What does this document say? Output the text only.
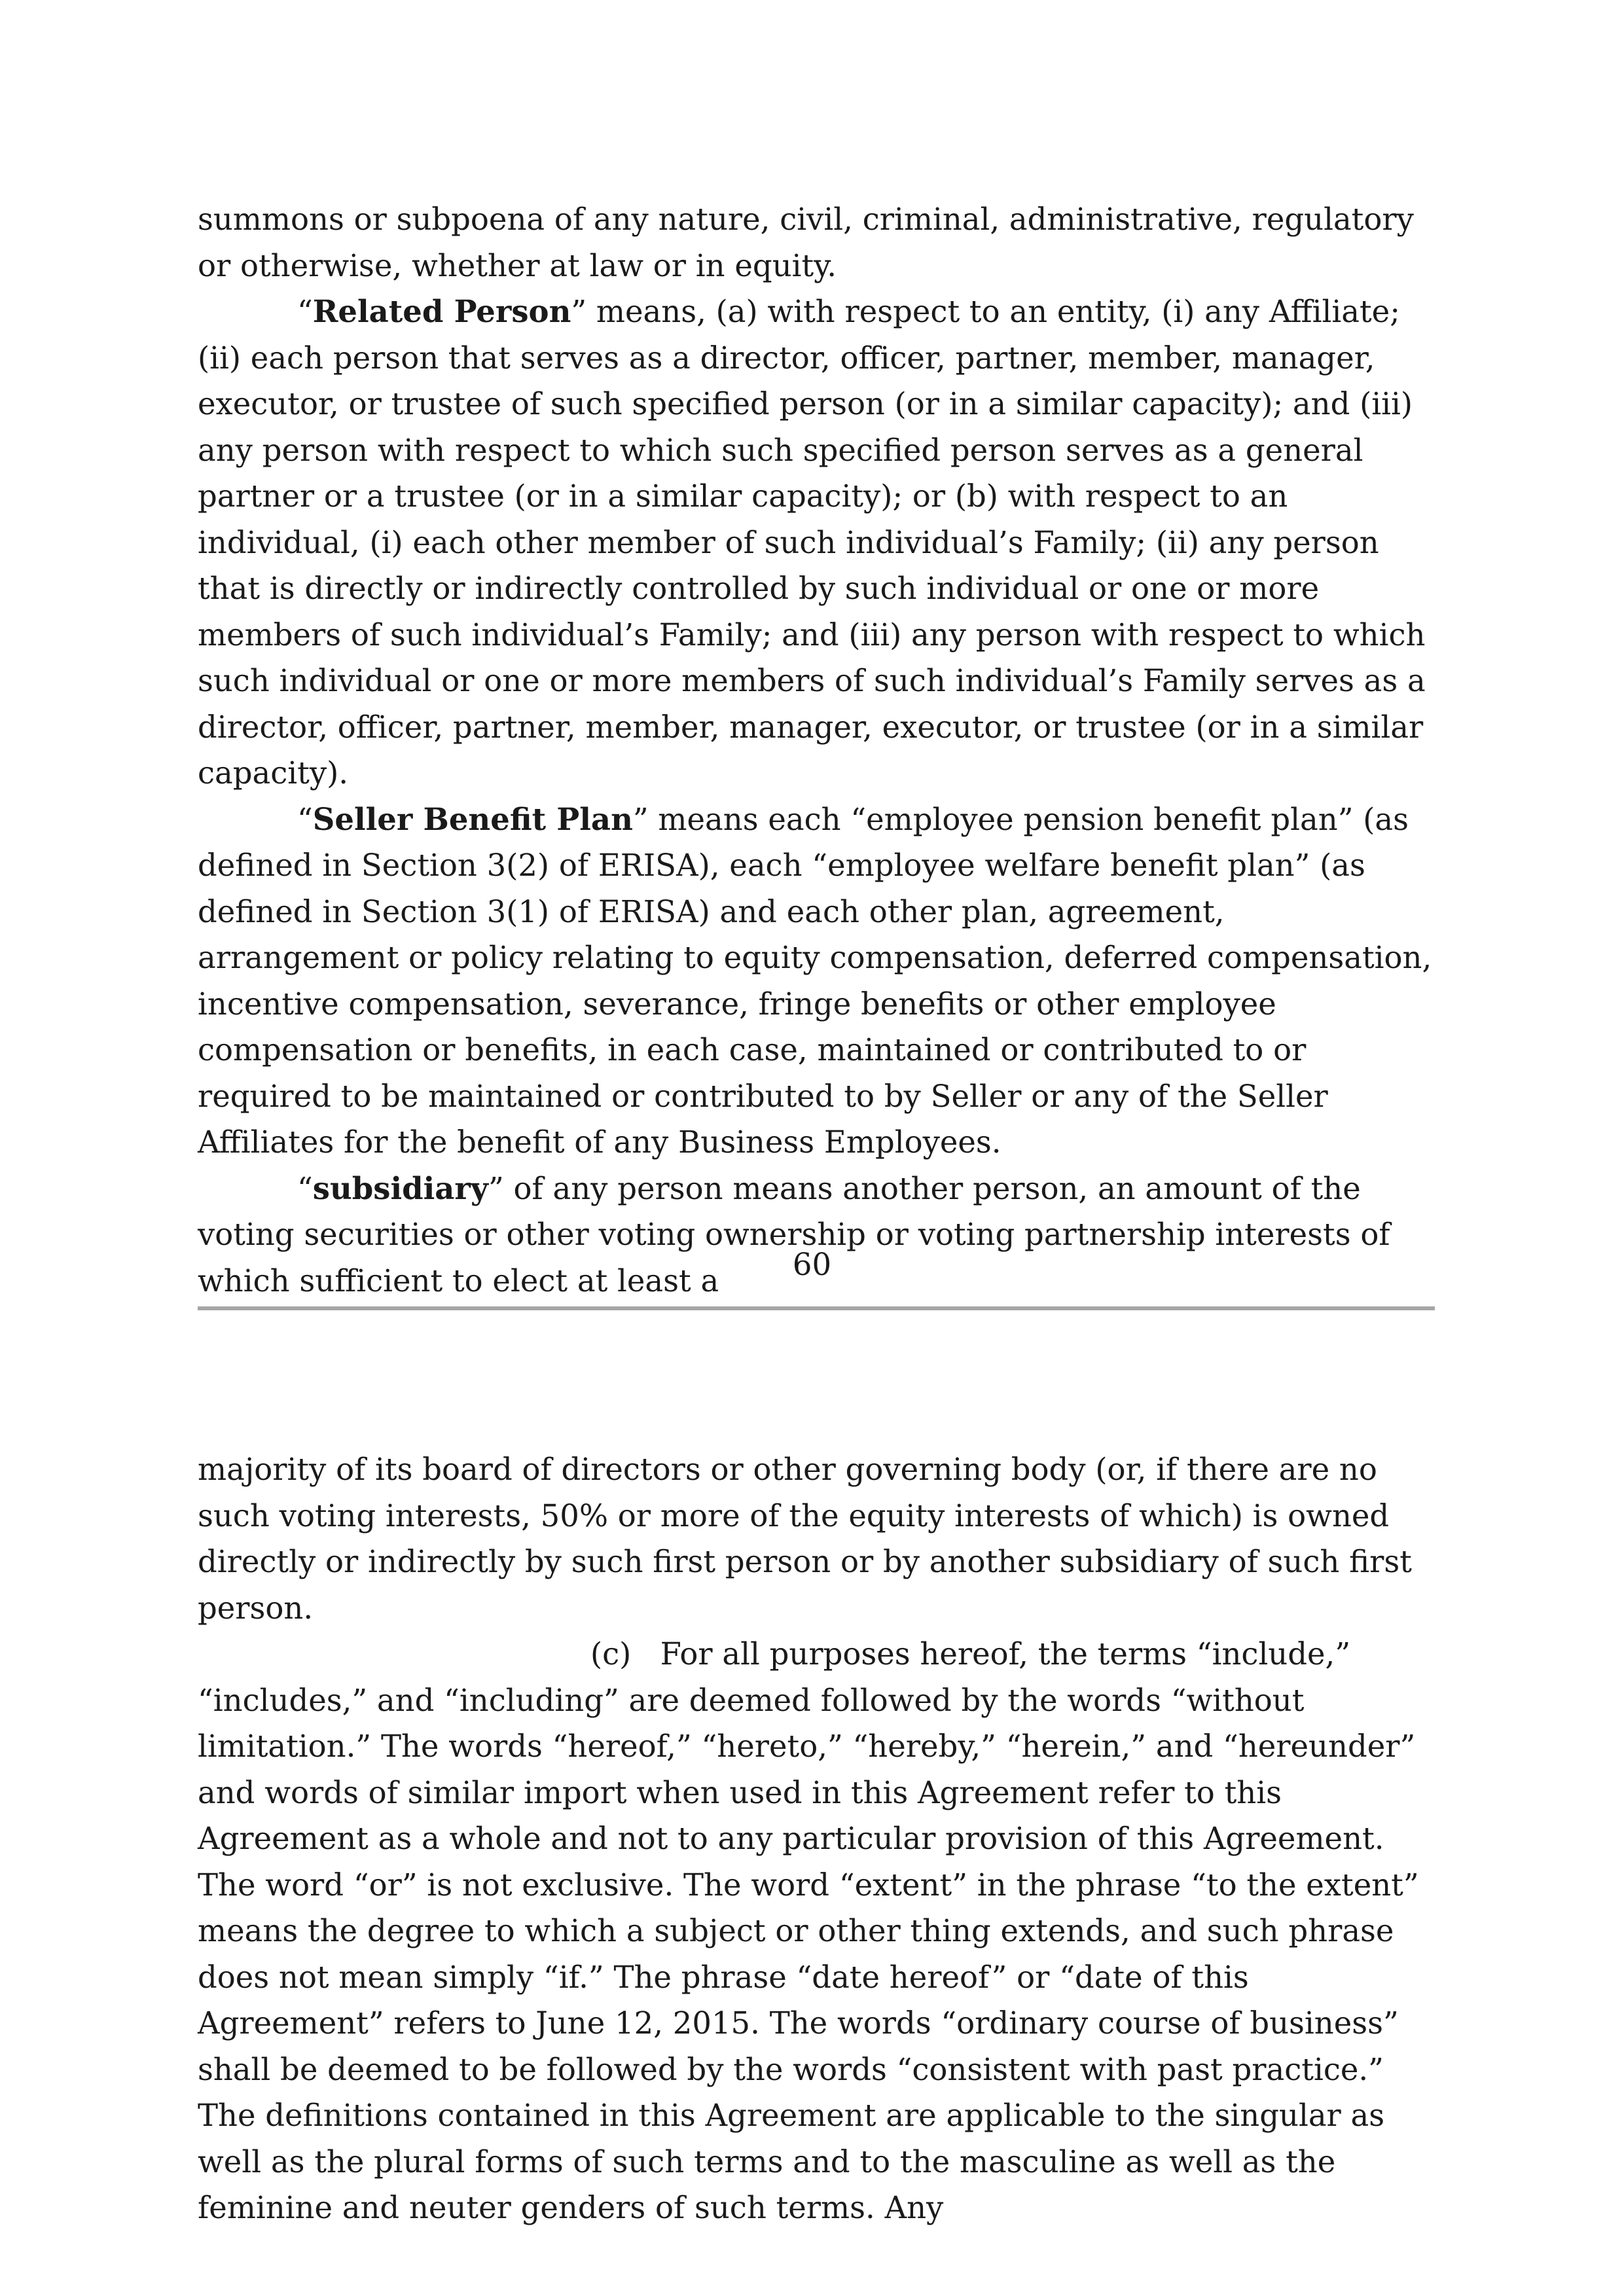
summons or subpoena of any nature, civil, criminal, administrative, regulatory or otherwise, whether at law or in equity.

“Related Person” means, (a) with respect to an entity, (i) any Affiliate; (ii) each person that serves as a director, officer, partner, member, manager, executor, or trustee of such specified person (or in a similar capacity); and (iii) any person with respect to which such specified person serves as a general partner or a trustee (or in a similar capacity); or (b) with respect to an individual, (i) each other member of such individual’s Family; (ii) any person that is directly or indirectly controlled by such individual or one or more members of such individual’s Family; and (iii) any person with respect to which such individual or one or more members of such individual’s Family serves as a director, officer, partner, member, manager, executor, or trustee (or in a similar capacity).

“Seller Benefit Plan” means each “employee pension benefit plan” (as defined in Section 3(2) of ERISA), each “employee welfare benefit plan” (as defined in Section 3(1) of ERISA) and each other plan, agreement, arrangement or policy relating to equity compensation, deferred compensation, incentive compensation, severance, fringe benefits or other employee compensation or benefits, in each case, maintained or contributed to or required to be maintained or contributed to by Seller or any of the Seller Affiliates for the benefit of any Business Employees.

“subsidiary” of any person means another person, an amount of the voting securities or other voting ownership or voting partnership interests of which sufficient to elect at least a	60

majority of its board of directors or other governing body (or, if there are no such voting interests, 50% or more of the equity interests of which) is owned directly or indirectly by such first person or by another subsidiary of such first person.

(c) For all purposes hereof, the terms “include,” “includes,” and “including” are deemed followed by the words “without limitation.” The words “hereof,” “hereto,” “hereby,” “herein,” and “hereunder” and words of similar import when used in this Agreement refer to this Agreement as a whole and not to any particular provision of this Agreement. The word “or” is not exclusive. The word “extent” in the phrase “to the extent” means the degree to which a subject or other thing extends, and such phrase does not mean simply “if.” The phrase “date hereof” or “date of this Agreement” refers to June 12, 2015. The words “ordinary course of business” shall be deemed to be followed by the words “consistent with past practice.” The definitions contained in this Agreement are applicable to the singular as well as the plural forms of such terms and to the masculine as well as the feminine and neuter genders of such terms. Any
